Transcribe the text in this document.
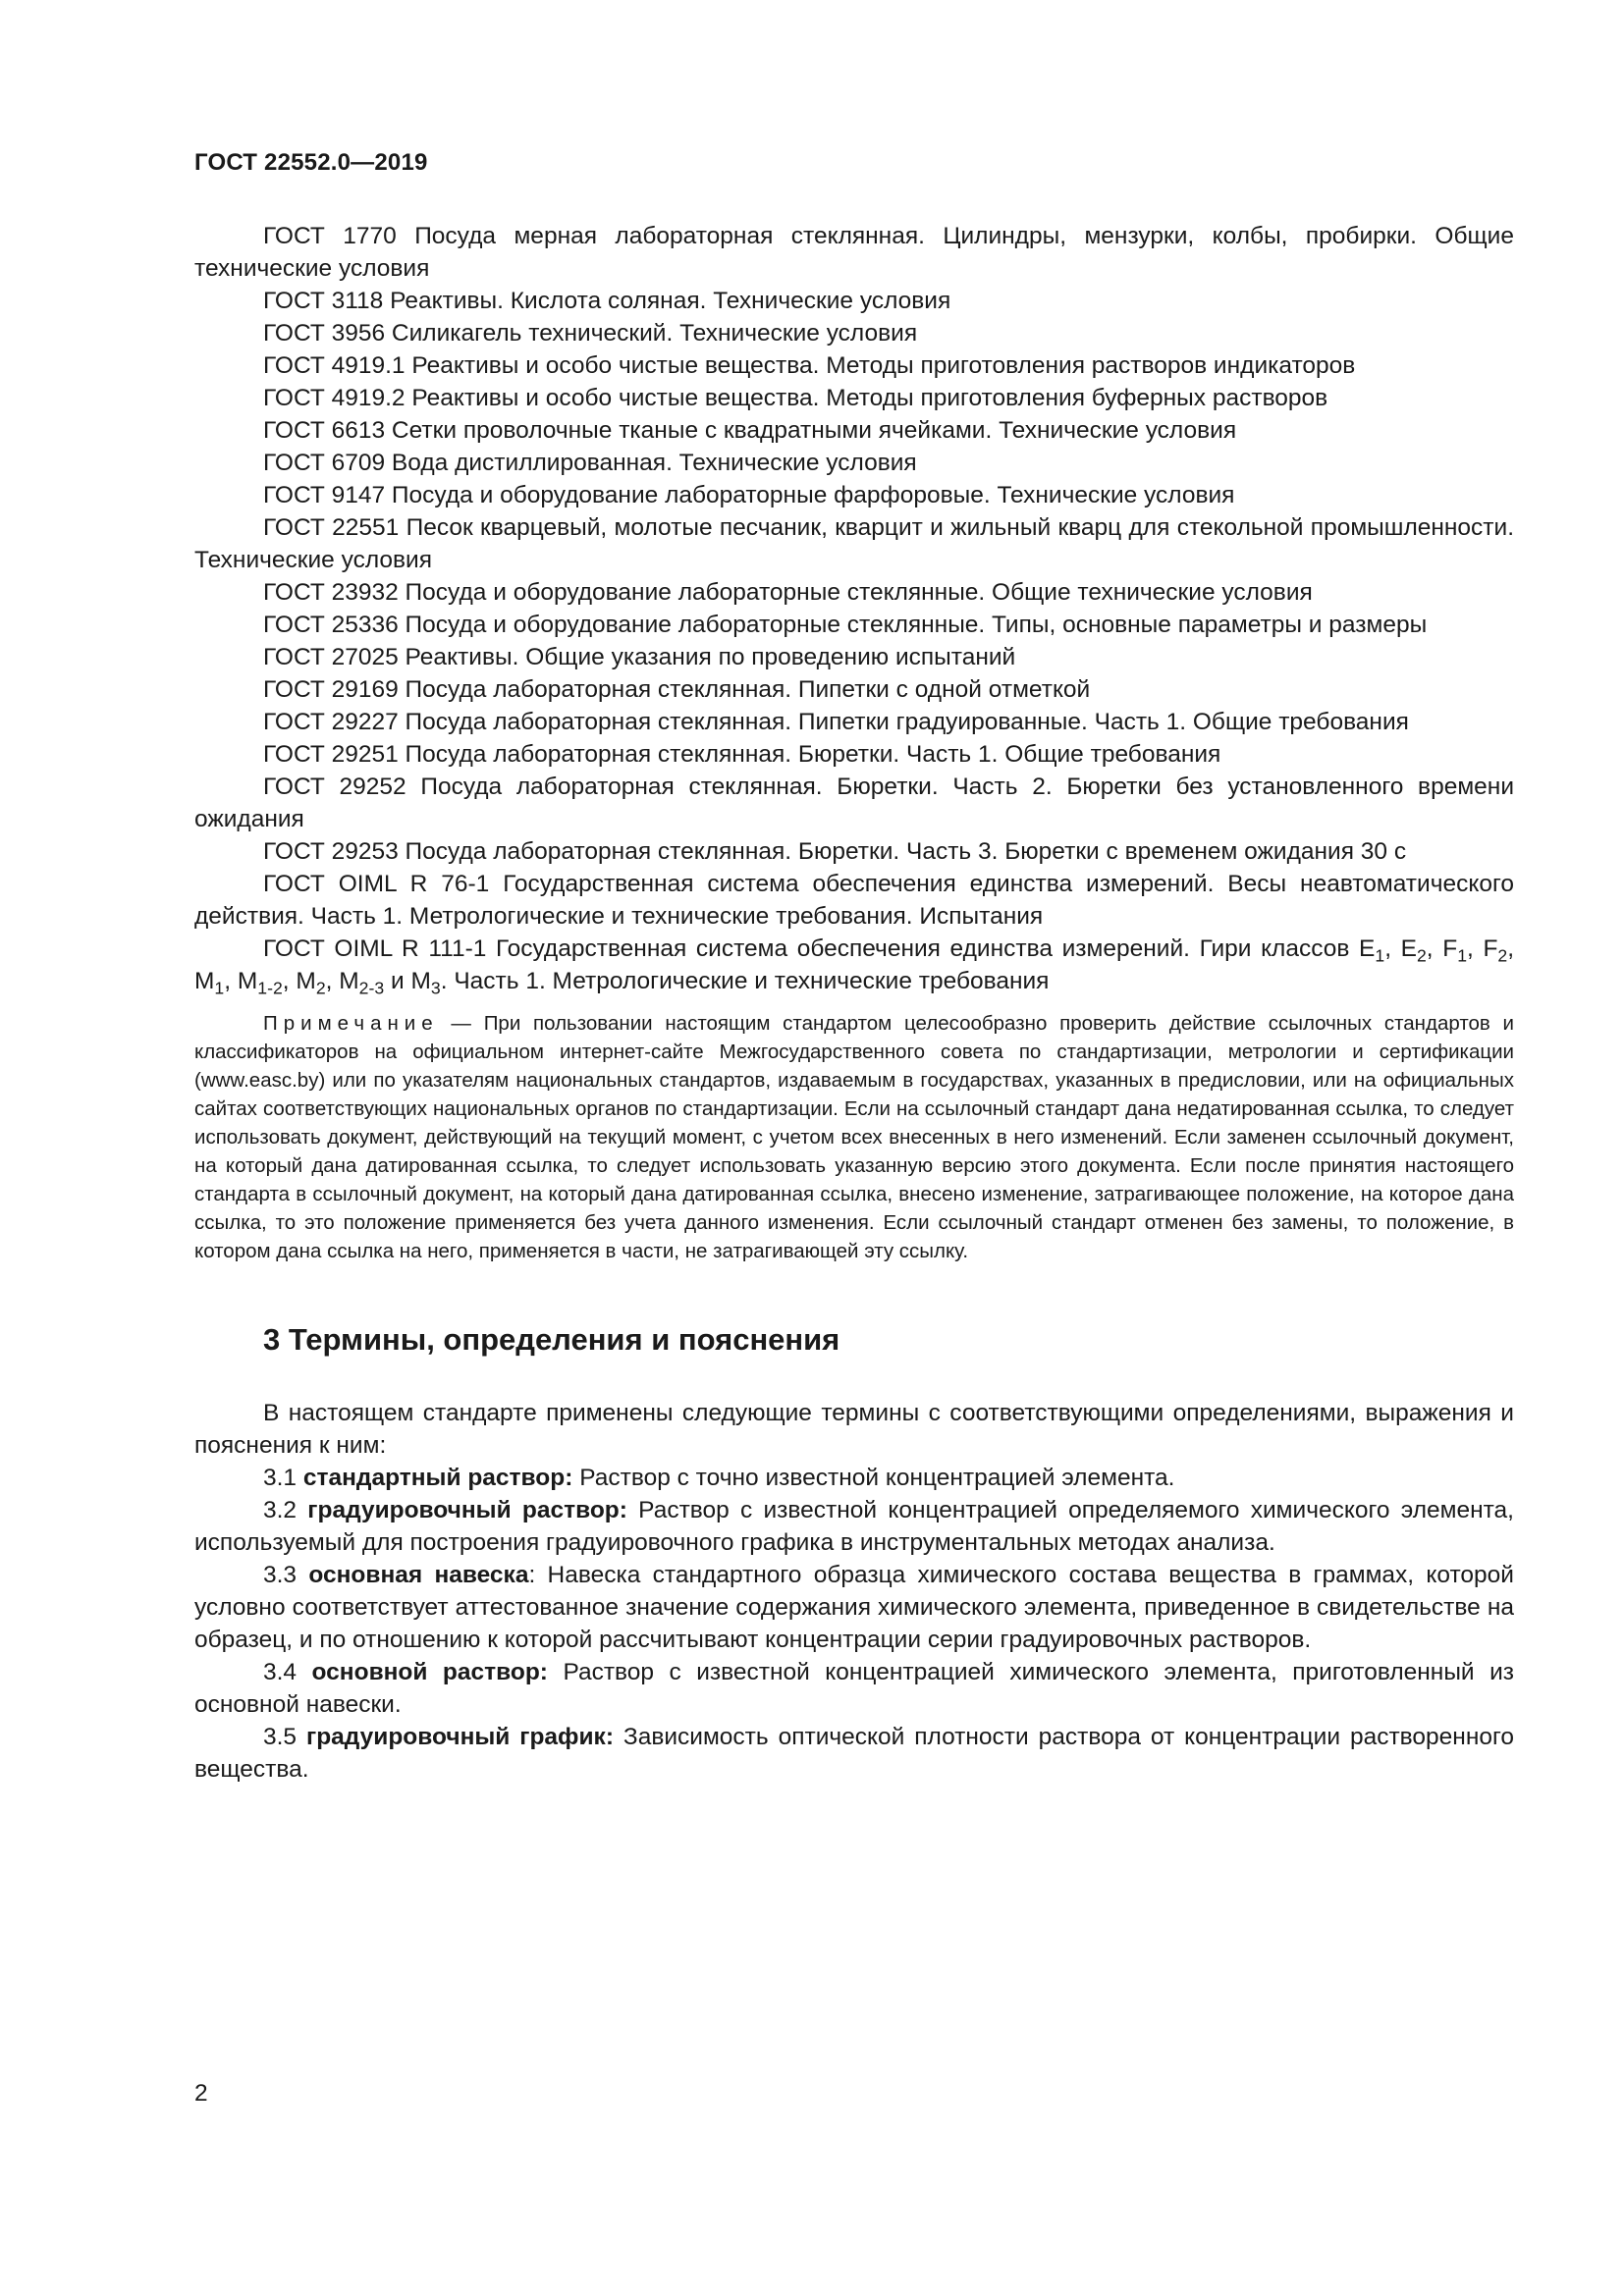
ГОСТ 22552.0—2019

ГОСТ 1770 Посуда мерная лабораторная стеклянная. Цилиндры, мензурки, колбы, пробирки. Общие технические условия

ГОСТ 3118 Реактивы. Кислота соляная. Технические условия

ГОСТ 3956 Силикагель технический. Технические условия

ГОСТ 4919.1 Реактивы и особо чистые вещества. Методы приготовления растворов индикаторов

ГОСТ 4919.2 Реактивы и особо чистые вещества. Методы приготовления буферных растворов

ГОСТ 6613 Сетки проволочные тканые с квадратными ячейками. Технические условия

ГОСТ 6709 Вода дистиллированная. Технические условия

ГОСТ 9147 Посуда и оборудование лабораторные фарфоровые. Технические условия

ГОСТ 22551 Песок кварцевый, молотые песчаник, кварцит и жильный кварц для стекольной промышленности. Технические условия

ГОСТ 23932 Посуда и оборудование лабораторные стеклянные. Общие технические условия

ГОСТ 25336 Посуда и оборудование лабораторные стеклянные. Типы, основные параметры и размеры

ГОСТ 27025 Реактивы. Общие указания по проведению испытаний

ГОСТ 29169 Посуда лабораторная стеклянная. Пипетки с одной отметкой

ГОСТ 29227 Посуда лабораторная стеклянная. Пипетки градуированные. Часть 1. Общие требования

ГОСТ 29251 Посуда лабораторная стеклянная. Бюретки. Часть 1. Общие требования

ГОСТ 29252 Посуда лабораторная стеклянная. Бюретки. Часть 2. Бюретки без установленного времени ожидания

ГОСТ 29253 Посуда лабораторная стеклянная. Бюретки. Часть 3. Бюретки с временем ожидания 30 с

ГОСТ OIML R 76-1 Государственная система обеспечения единства измерений. Весы неавтоматического действия. Часть 1. Метрологические и технические требования. Испытания

ГОСТ OIML R 111-1 Государственная система обеспечения единства измерений. Гири классов $E_1$, $E_2$, $F_1$, $F_2$, $M_1$, $M_{1-2}$, $M_2$, $M_{2-3}$ и $M_3$. Часть 1. Метрологические и технические требования

Примечание — При пользовании настоящим стандартом целесообразно проверить действие ссылочных стандартов и классификаторов на официальном интернет-сайте Межгосударственного совета по стандартизации, метрологии и сертификации (www.easc.by) или по указателям национальных стандартов, издаваемым в государствах, указанных в предисловии, или на официальных сайтах соответствующих национальных органов по стандартизации. Если на ссылочный стандарт дана недатированная ссылка, то следует использовать документ, действующий на текущий момент, с учетом всех внесенных в него изменений. Если заменен ссылочный документ, на который дана датированная ссылка, то следует использовать указанную версию этого документа. Если после принятия настоящего стандарта в ссылочный документ, на который дана датированная ссылка, внесено изменение, затрагивающее положение, на которое дана ссылка, то это положение применяется без учета данного изменения. Если ссылочный стандарт отменен без замены, то положение, в котором дана ссылка на него, применяется в части, не затрагивающей эту ссылку.

3 Термины, определения и пояснения

В настоящем стандарте применены следующие термины с соответствующими определениями, выражения и пояснения к ним:

3.1 стандартный раствор: Раствор с точно известной концентрацией элемента.

3.2 градуировочный раствор: Раствор с известной концентрацией определяемого химического элемента, используемый для построения градуировочного графика в инструментальных методах анализа.

3.3 основная навеска: Навеска стандартного образца химического состава вещества в граммах, которой условно соответствует аттестованное значение содержания химического элемента, приведенное в свидетельстве на образец, и по отношению к которой рассчитывают концентрации серии градуировочных растворов.

3.4 основной раствор: Раствор с известной концентрацией химического элемента, приготовленный из основной навески.

3.5 градуировочный график: Зависимость оптической плотности раствора от концентрации растворенного вещества.

2
